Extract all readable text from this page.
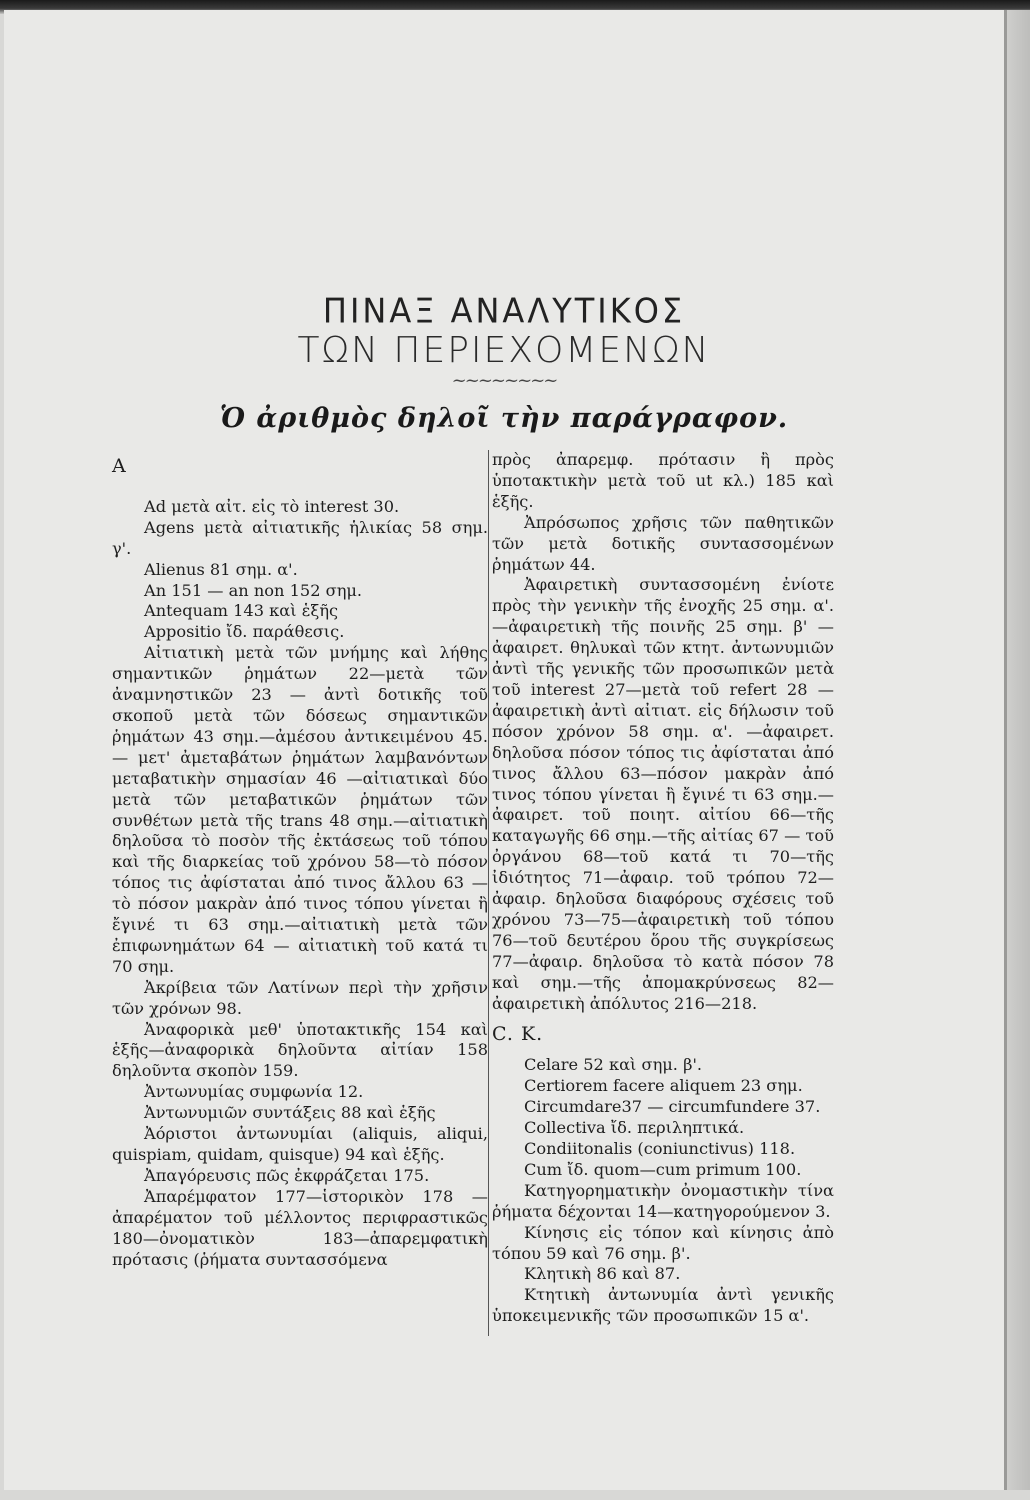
ΠΙΝΑΞ ΑΝΑΛΥΤΙΚΟΣ
ΤΩΝ ΠΕΡΙΕΧΟΜΕΝΩΝ
~~~~~~~~
Ὁ ἀριθμὸς δηλοῖ τὴν παράγραφον.

Α

Ad μετὰ αἰτ. εἰς τὸ interest 30.

Agens μετὰ αἰτιατικῆς ἡλικίας 58 σημ. γ'.

Alienus 81 σημ. α'.

An 151 — an non 152 σημ.

Antequam 143 καὶ ἑξῆς

Appositio ἴδ. παράθεσις.

Αἰτιατικὴ μετὰ τῶν μνήμης καὶ λήθης σημαντικῶν ῥημάτων 22—μετὰ τῶν ἀναμνηστικῶν 23 — ἀντὶ δοτικῆς τοῦ σκοποῦ μετὰ τῶν δόσεως σημαντικῶν ῥημάτων 43 σημ.—ἀμέσου ἀντικειμένου 45. — μετ' ἀμεταβάτων ῥημάτων λαμβανόντων μεταβατικὴν σημασίαν 46 —αἰτιατικαὶ δύο μετὰ τῶν μεταβατικῶν ῥημάτων τῶν συνθέτων μετὰ τῆς trans 48 σημ.—αἰτιατικὴ δηλοῦσα τὸ ποσὸν τῆς ἐκτάσεως τοῦ τόπου καὶ τῆς διαρκείας τοῦ χρόνου 58—τὸ πόσον τόπος τις ἀφίσταται ἀπό τινος ἄλλου 63 — τὸ πόσον μακρὰν ἀπό τινος τόπου γίνεται ἢ ἔγινέ τι 63 σημ.—αἰτιατικὴ μετὰ τῶν ἐπιφωνημάτων 64 — αἰτιατικὴ τοῦ κατά τι 70 σημ.

Ἀκρίβεια τῶν Λατίνων περὶ τὴν χρῆσιν τῶν χρόνων 98.

Ἀναφορικὰ μεθ' ὑποτακτικῆς 154 καὶ ἑξῆς—ἀναφορικὰ δηλοῦντα αἰτίαν 158 δηλοῦντα σκοπὸν 159.

Ἀντωνυμίας συμφωνία 12.

Ἀντωνυμιῶν συντάξεις 88 καὶ ἑξῆς

Ἀόριστοι ἀντωνυμίαι (aliquis, aliqui, quispiam, quidam, quisque) 94 καὶ ἑξῆς.

Ἀπαγόρευσις πῶς ἐκφράζεται 175.

Ἀπαρέμφατον 177—ἱστορικὸν 178 —ἀπαρέματον τοῦ μέλλοντος περιφραστικῶς 180—ὀνοματικὸν 183—ἀπαρεμφατικὴ πρότασις (ῥήματα συντασσόμενα

πρὸς ἀπαρεμφ. πρότασιν ἢ πρὸς ὑποτακτικὴν μετὰ τοῦ ut κλ.) 185 καὶ ἑξῆς.

Ἀπρόσωπος χρῆσις τῶν παθητικῶν τῶν μετὰ δοτικῆς συντασσομένων ῥημάτων 44.

Ἀφαιρετικὴ συντασσομένη ἐνίοτε πρὸς τὴν γενικὴν τῆς ἐνοχῆς 25 σημ. α'. —ἀφαιρετικὴ τῆς ποινῆς 25 σημ. β' — ἀφαιρετ. θηλυκαὶ τῶν κτητ. ἀντωνυμιῶν ἀντὶ τῆς γενικῆς τῶν προσωπικῶν μετὰ τοῦ interest 27—μετὰ τοῦ refert 28 —ἀφαιρετικὴ ἀντὶ αἰτιατ. εἰς δήλωσιν τοῦ πόσον χρόνον 58 σημ. α'. —ἀφαιρετ. δηλοῦσα πόσον τόπος τις ἀφίσταται ἀπό τινος ἄλλου 63—πόσον μακρὰν ἀπό τινος τόπου γίνεται ἢ ἔγινέ τι 63 σημ.— ἀφαιρετ. τοῦ ποιητ. αἰτίου 66—τῆς καταγωγῆς 66 σημ.—τῆς αἰτίας 67 — τοῦ ὀργάνου 68—τοῦ κατά τι 70—τῆς ἰδιότητος 71—ἀφαιρ. τοῦ τρόπου 72— ἀφαιρ. δηλοῦσα διαφόρους σχέσεις τοῦ χρόνου 73—75—ἀφαιρετικὴ τοῦ τόπου 76—τοῦ δευτέρου ὅρου τῆς συγκρίσεως 77—ἀφαιρ. δηλοῦσα τὸ κατὰ πόσον 78 καὶ σημ.—τῆς ἀπομακρύνσεως 82—ἀφαιρετικὴ ἀπόλυτος 216—218.

C. K.

Celare 52 καὶ σημ. β'.

Certiorem facere aliquem 23 σημ.

Circumdare37 — circumfundere 37.

Collectiva ἴδ. περιληπτικά.

Condiitonalis (coniunctivus) 118.

Cum ἴδ. quom—cum primum 100.

Κατηγορηματικὴν ὀνομαστικὴν τίνα ῥήματα δέχονται 14—κατηγορούμενον 3.

Κίνησις εἰς τόπον καὶ κίνησις ἀπὸ τόπου 59 καὶ 76 σημ. β'.

Κλητικὴ 86 καὶ 87.

Κτητικὴ ἀντωνυμία ἀντὶ γενικῆς ὑποκειμενικῆς τῶν προσωπικῶν 15 α'.
